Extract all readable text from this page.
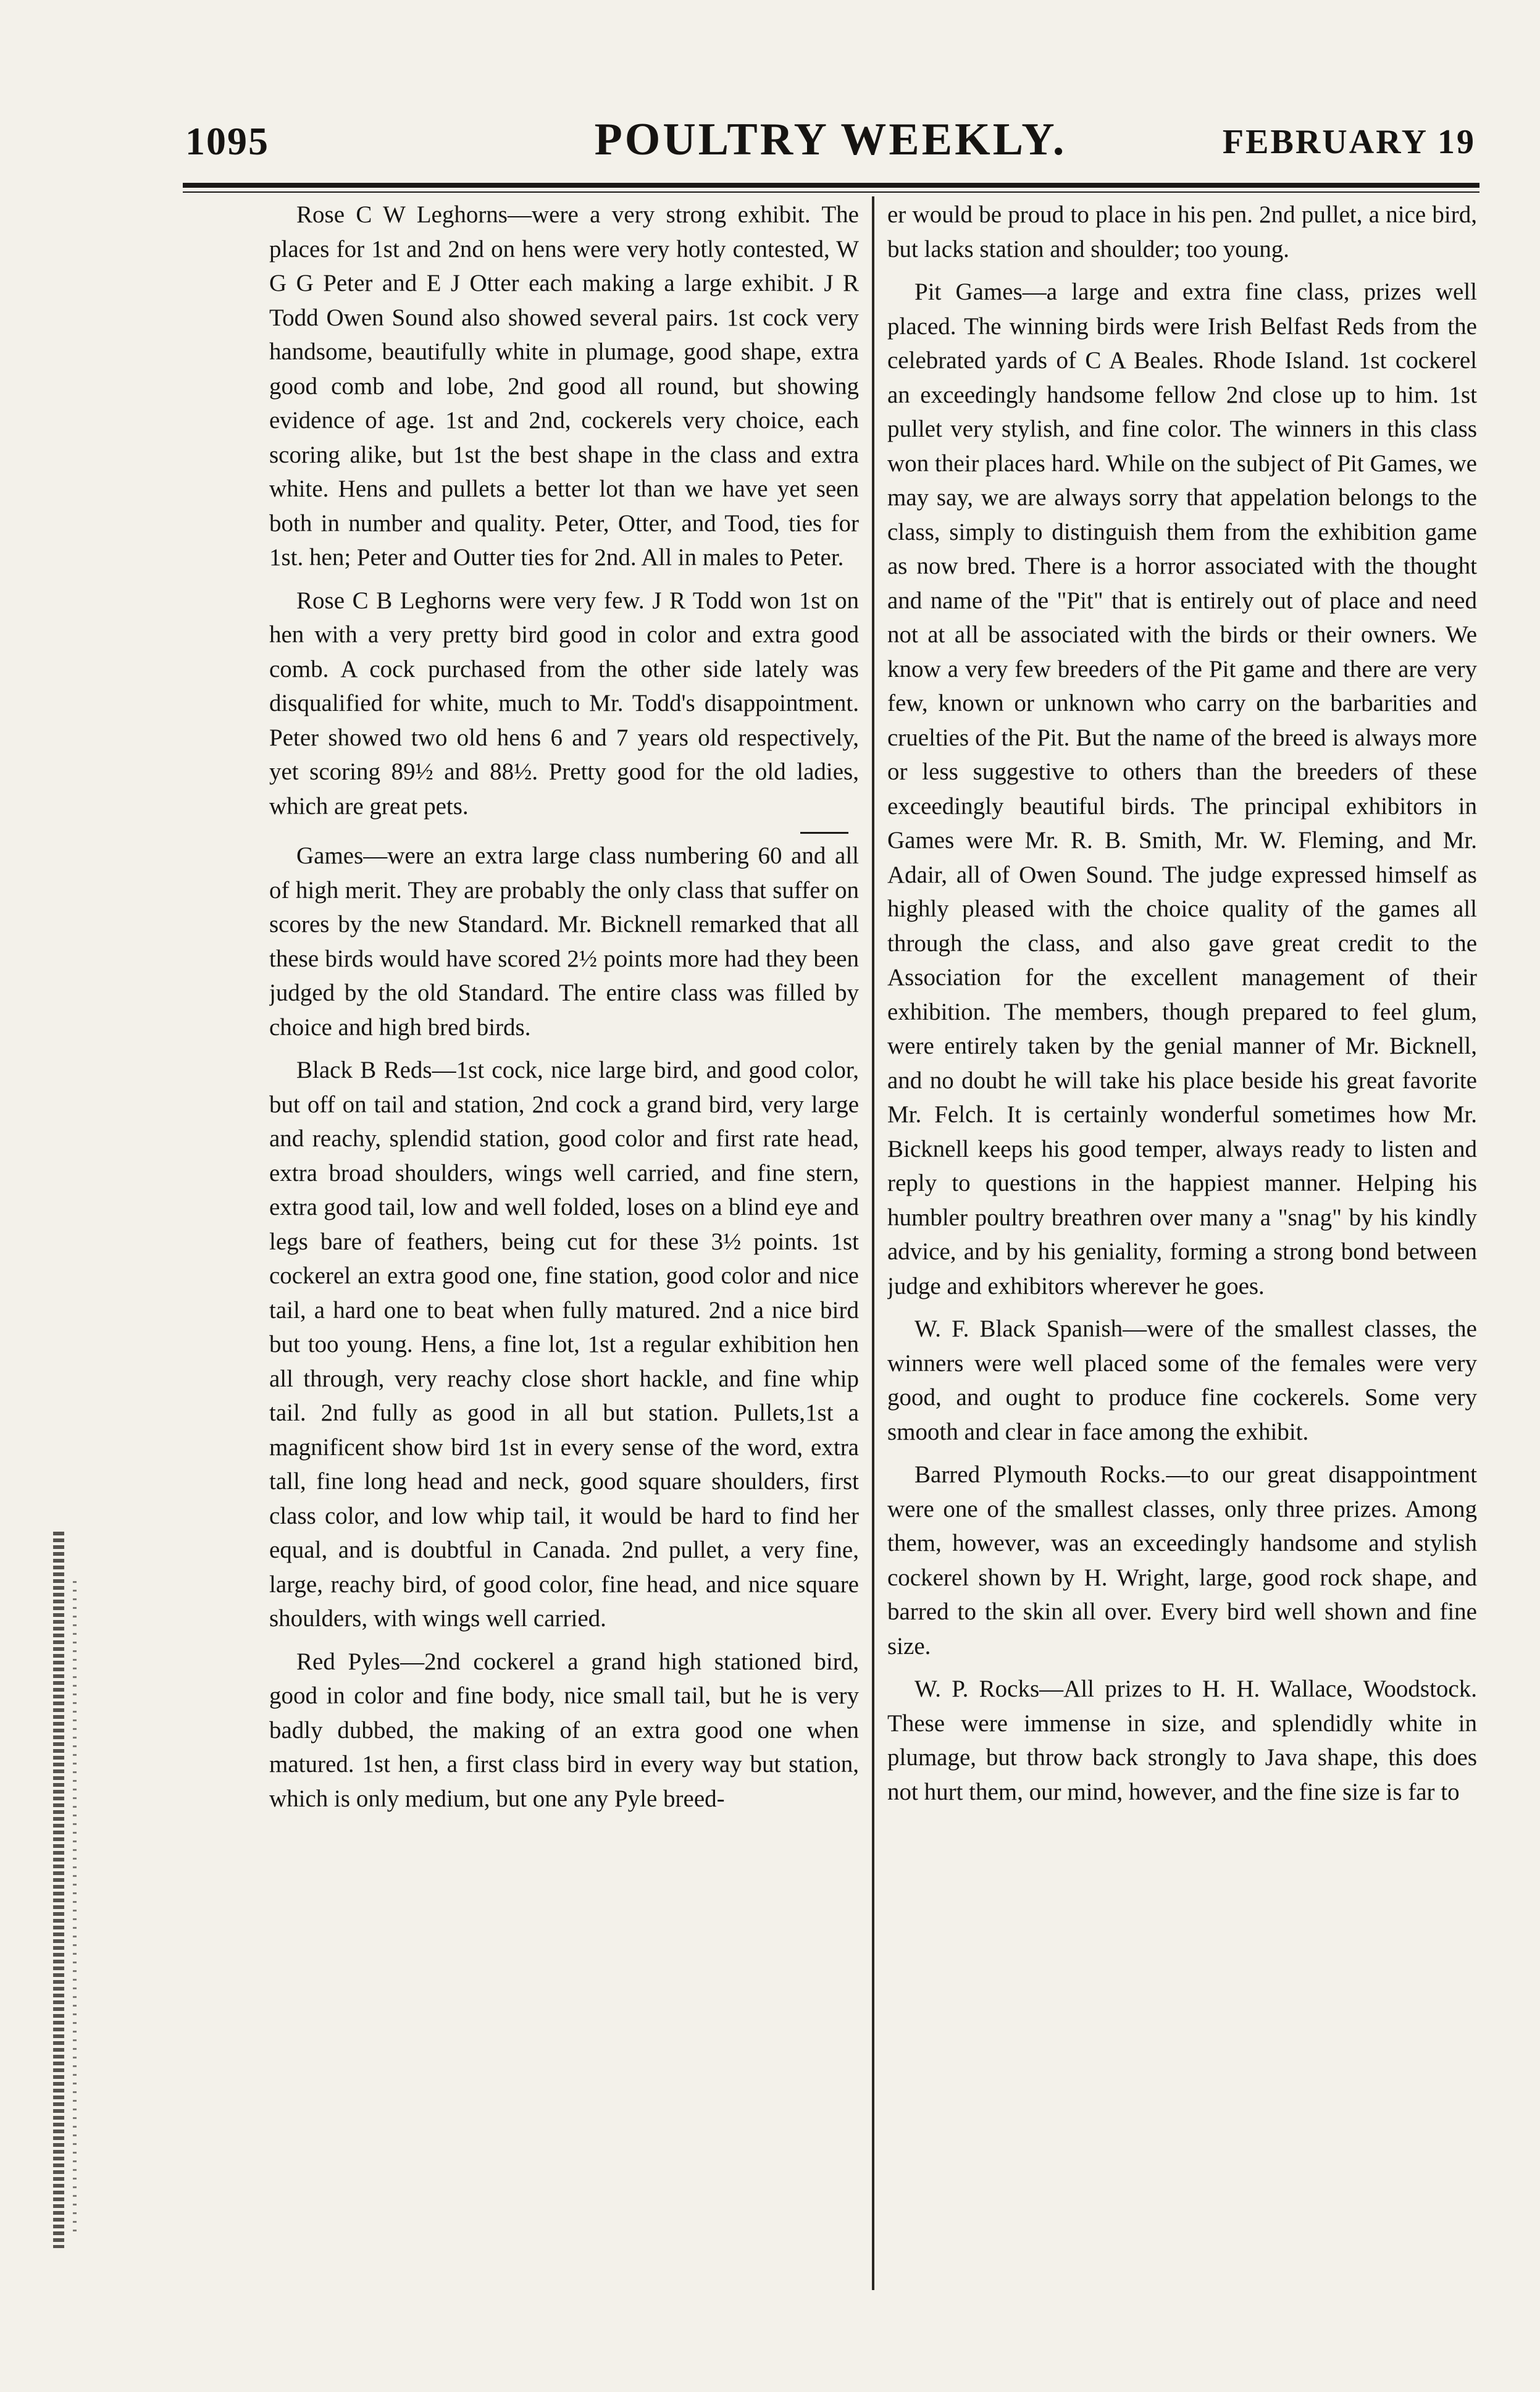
1095	POULTRY WEEKLY.	FEBRUARY 19

Rose C W Leghorns—were a very strong exhibit. The places for 1st and 2nd on hens were very hotly contested, W G G Peter and E J Otter each making a large exhibit. J R Todd Owen Sound also showed several pairs. 1st cock very handsome, beautifully white in plumage, good shape, extra good comb and lobe, 2nd good all round, but showing evidence of age. 1st and 2nd, cockerels very choice, each scoring alike, but 1st the best shape in the class and extra white. Hens and pullets a better lot than we have yet seen both in number and quality. Peter, Otter, and Tood, ties for 1st. hen; Peter and Outter ties for 2nd. All in males to Peter.

Rose C B Leghorns were very few. J R Todd won 1st on hen with a very pretty bird good in color and extra good comb. A cock purchased from the other side lately was disqualified for white, much to Mr. Todd's disappointment. Peter showed two old hens 6 and 7 years old respectively, yet scoring 89½ and 88½. Pretty good for the old ladies, which are great pets.

Games—were an extra large class numbering 60 and all of high merit. They are probably the only class that suffer on scores by the new Standard. Mr. Bicknell remarked that all these birds would have scored 2½ points more had they been judged by the old Standard. The entire class was filled by choice and high bred birds.

Black B Reds—1st cock, nice large bird, and good color, but off on tail and station, 2nd cock a grand bird, very large and reachy, splendid station, good color and first rate head, extra broad shoulders, wings well carried, and fine stern, extra good tail, low and well folded, loses on a blind eye and legs bare of feathers, being cut for these 3½ points. 1st cockerel an extra good one, fine station, good color and nice tail, a hard one to beat when fully matured. 2nd a nice bird but too young. Hens, a fine lot, 1st a regular exhibition hen all through, very reachy close short hackle, and fine whip tail. 2nd fully as good in all but station. Pullets,1st a magnificent show bird 1st in every sense of the word, extra tall, fine long head and neck, good square shoulders, first class color, and low whip tail, it would be hard to find her equal, and is doubtful in Canada. 2nd pullet, a very fine, large, reachy bird, of good color, fine head, and nice square shoulders, with wings well carried.

Red Pyles—2nd cockerel a grand high stationed bird, good in color and fine body, nice small tail, but he is very badly dubbed, the making of an extra good one when matured. 1st hen, a first class bird in every way but station, which is only medium, but one any Pyle breed-

er would be proud to place in his pen. 2nd pullet, a nice bird, but lacks station and shoulder; too young.

Pit Games—a large and extra fine class, prizes well placed. The winning birds were Irish Belfast Reds from the celebrated yards of C A Beales. Rhode Island. 1st cockerel an exceedingly handsome fellow 2nd close up to him. 1st pullet very stylish, and fine color. The winners in this class won their places hard. While on the subject of Pit Games, we may say, we are always sorry that appelation belongs to the class, simply to distinguish them from the exhibition game as now bred. There is a horror associated with the thought and name of the "Pit" that is entirely out of place and need not at all be associated with the birds or their owners. We know a very few breeders of the Pit game and there are very few, known or unknown who carry on the barbarities and cruelties of the Pit. But the name of the breed is always more or less suggestive to others than the breeders of these exceedingly beautiful birds. The principal exhibitors in Games were Mr. R. B. Smith, Mr. W. Fleming, and Mr. Adair, all of Owen Sound. The judge expressed himself as highly pleased with the choice quality of the games all through the class, and also gave great credit to the Association for the excellent management of their exhibition. The members, though prepared to feel glum, were entirely taken by the genial manner of Mr. Bicknell, and no doubt he will take his place beside his great favorite Mr. Felch. It is certainly wonderful sometimes how Mr. Bicknell keeps his good temper, always ready to listen and reply to questions in the happiest manner. Helping his humbler poultry breathren over many a "snag" by his kindly advice, and by his geniality, forming a strong bond between judge and exhibitors wherever he goes.

W. F. Black Spanish—were of the smallest classes, the winners were well placed some of the females were very good, and ought to produce fine cockerels. Some very smooth and clear in face among the exhibit.

Barred Plymouth Rocks.—to our great disappointment were one of the smallest classes, only three prizes. Among them, however, was an exceedingly handsome and stylish cockerel shown by H. Wright, large, good rock shape, and barred to the skin all over. Every bird well shown and fine size.

W. P. Rocks—All prizes to H. H. Wallace, Woodstock. These were immense in size, and splendidly white in plumage, but throw back strongly to Java shape, this does not hurt them, our mind, however, and the fine size is far to
